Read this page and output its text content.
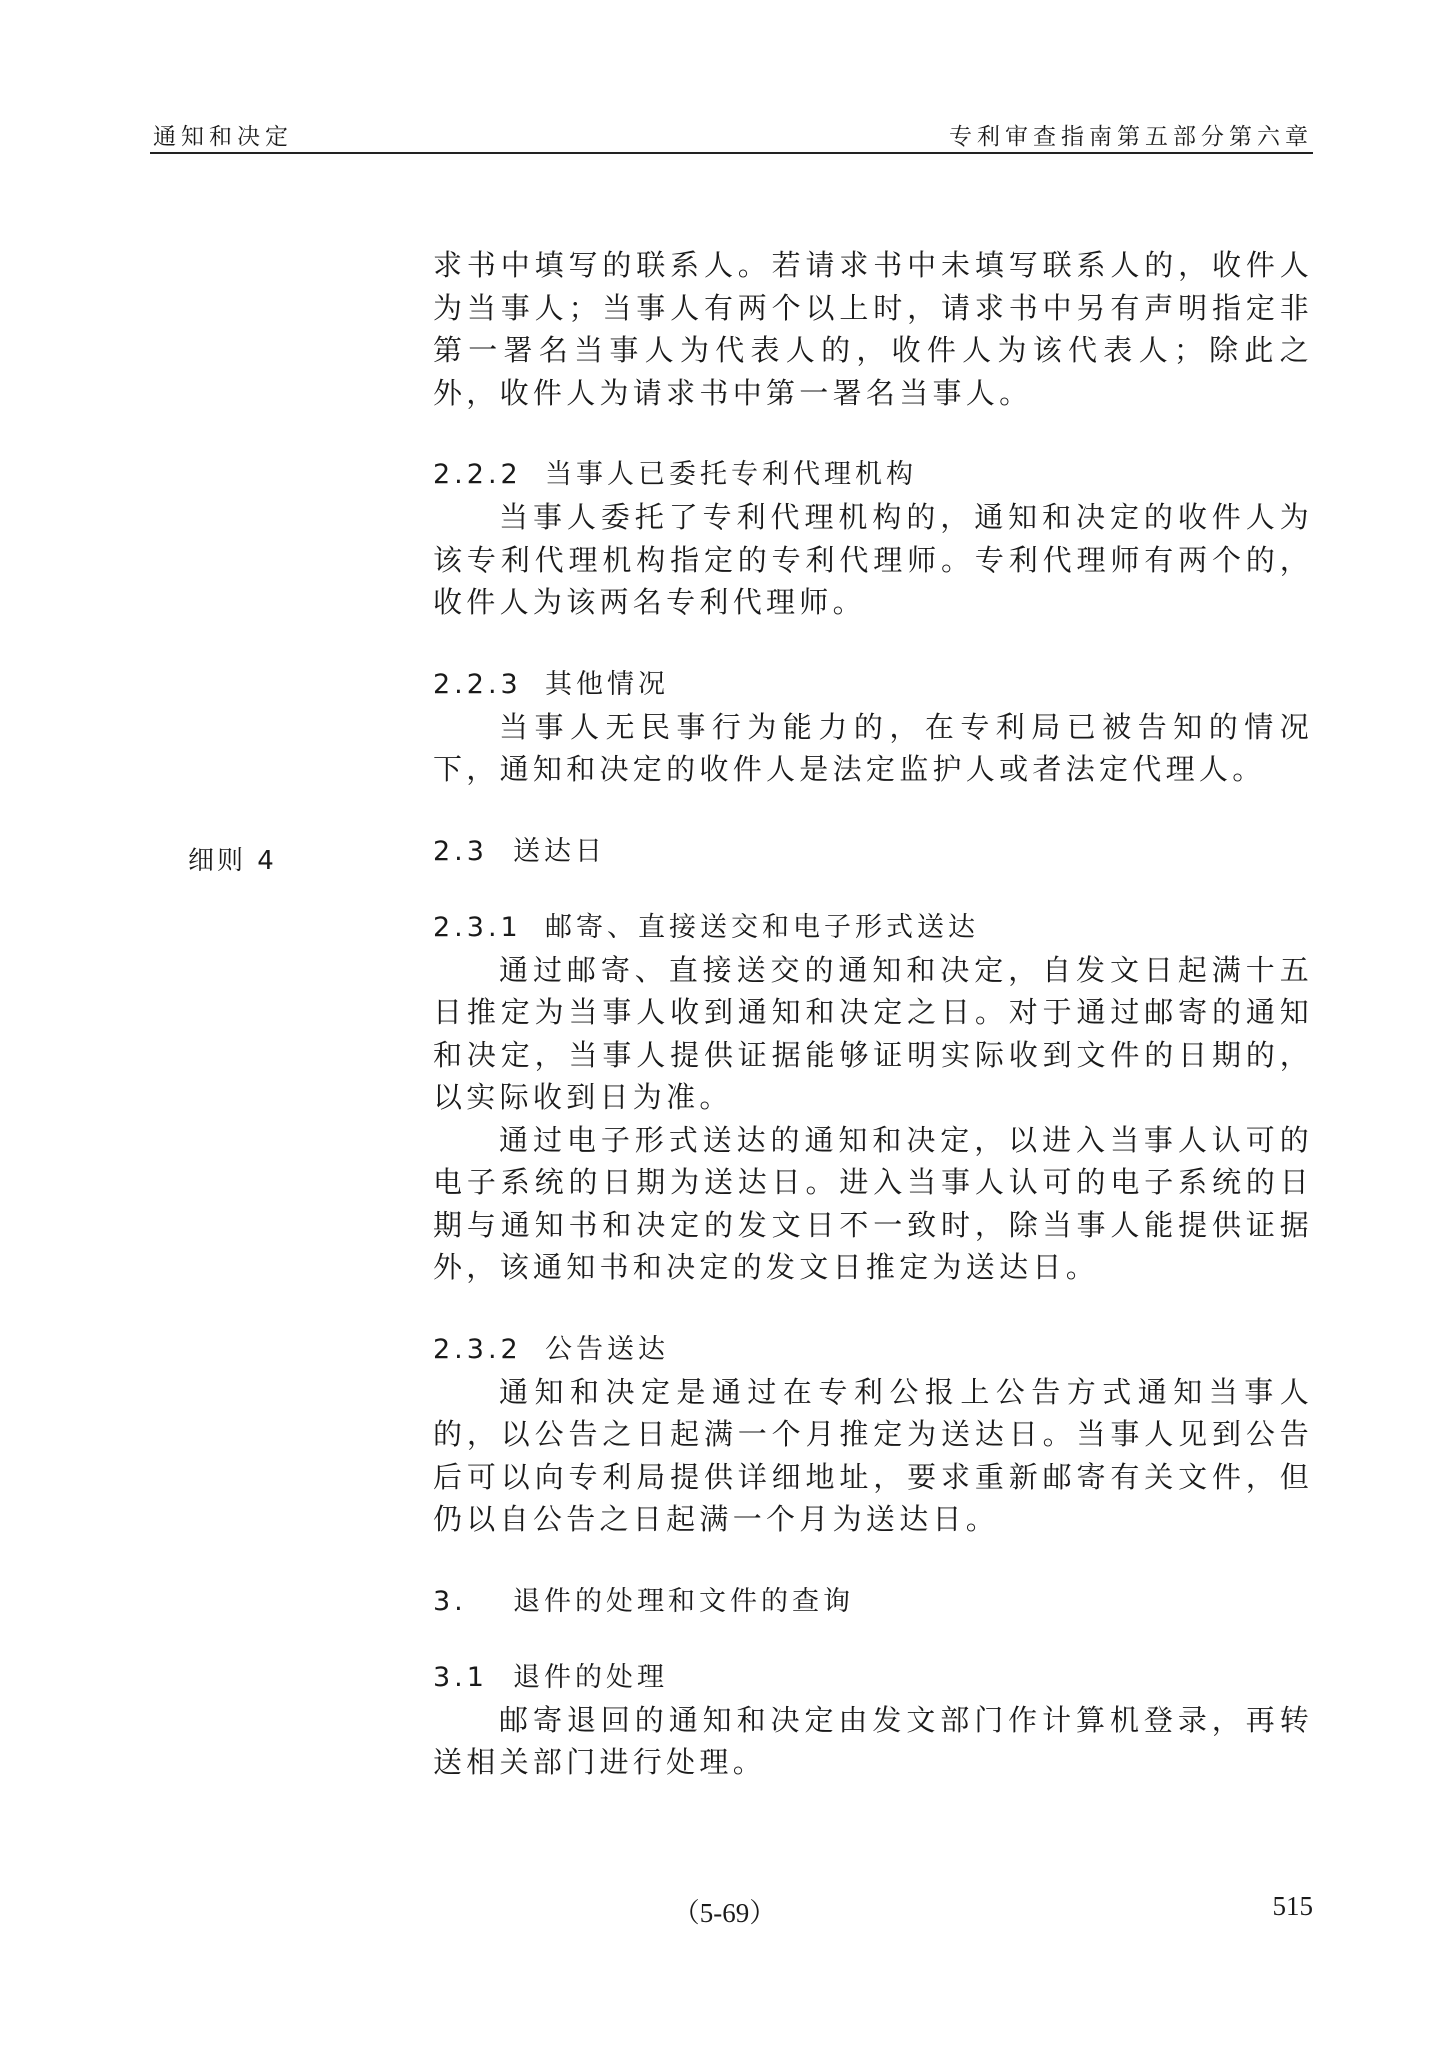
通知和决定	专利审查指南第五部分第六章
细则 4

求书中填写的联系人。若请求书中未填写联系人的，收件人为当事人；当事人有两个以上时，请求书中另有声明指定非第一署名当事人为代表人的，收件人为该代表人；除此之外，收件人为请求书中第一署名当事人。

2.2.2 当事人已委托专利代理机构

当事人委托了专利代理机构的，通知和决定的收件人为该专利代理机构指定的专利代理师。专利代理师有两个的，收件人为该两名专利代理师。

2.2.3 其他情况

当事人无民事行为能力的，在专利局已被告知的情况下，通知和决定的收件人是法定监护人或者法定代理人。

2.3 送达日

2.3.1 邮寄、直接送交和电子形式送达

通过邮寄、直接送交的通知和决定，自发文日起满十五日推定为当事人收到通知和决定之日。对于通过邮寄的通知和决定，当事人提供证据能够证明实际收到文件的日期的，以实际收到日为准。

通过电子形式送达的通知和决定，以进入当事人认可的电子系统的日期为送达日。进入当事人认可的电子系统的日期与通知书和决定的发文日不一致时，除当事人能提供证据外，该通知书和决定的发文日推定为送达日。

2.3.2 公告送达

通知和决定是通过在专利公报上公告方式通知当事人的，以公告之日起满一个月推定为送达日。当事人见到公告后可以向专利局提供详细地址，要求重新邮寄有关文件，但仍以自公告之日起满一个月为送达日。

3. 退件的处理和文件的查询

3.1 退件的处理

邮寄退回的通知和决定由发文部门作计算机登录，再转送相关部门进行处理。

（5-69）	515
